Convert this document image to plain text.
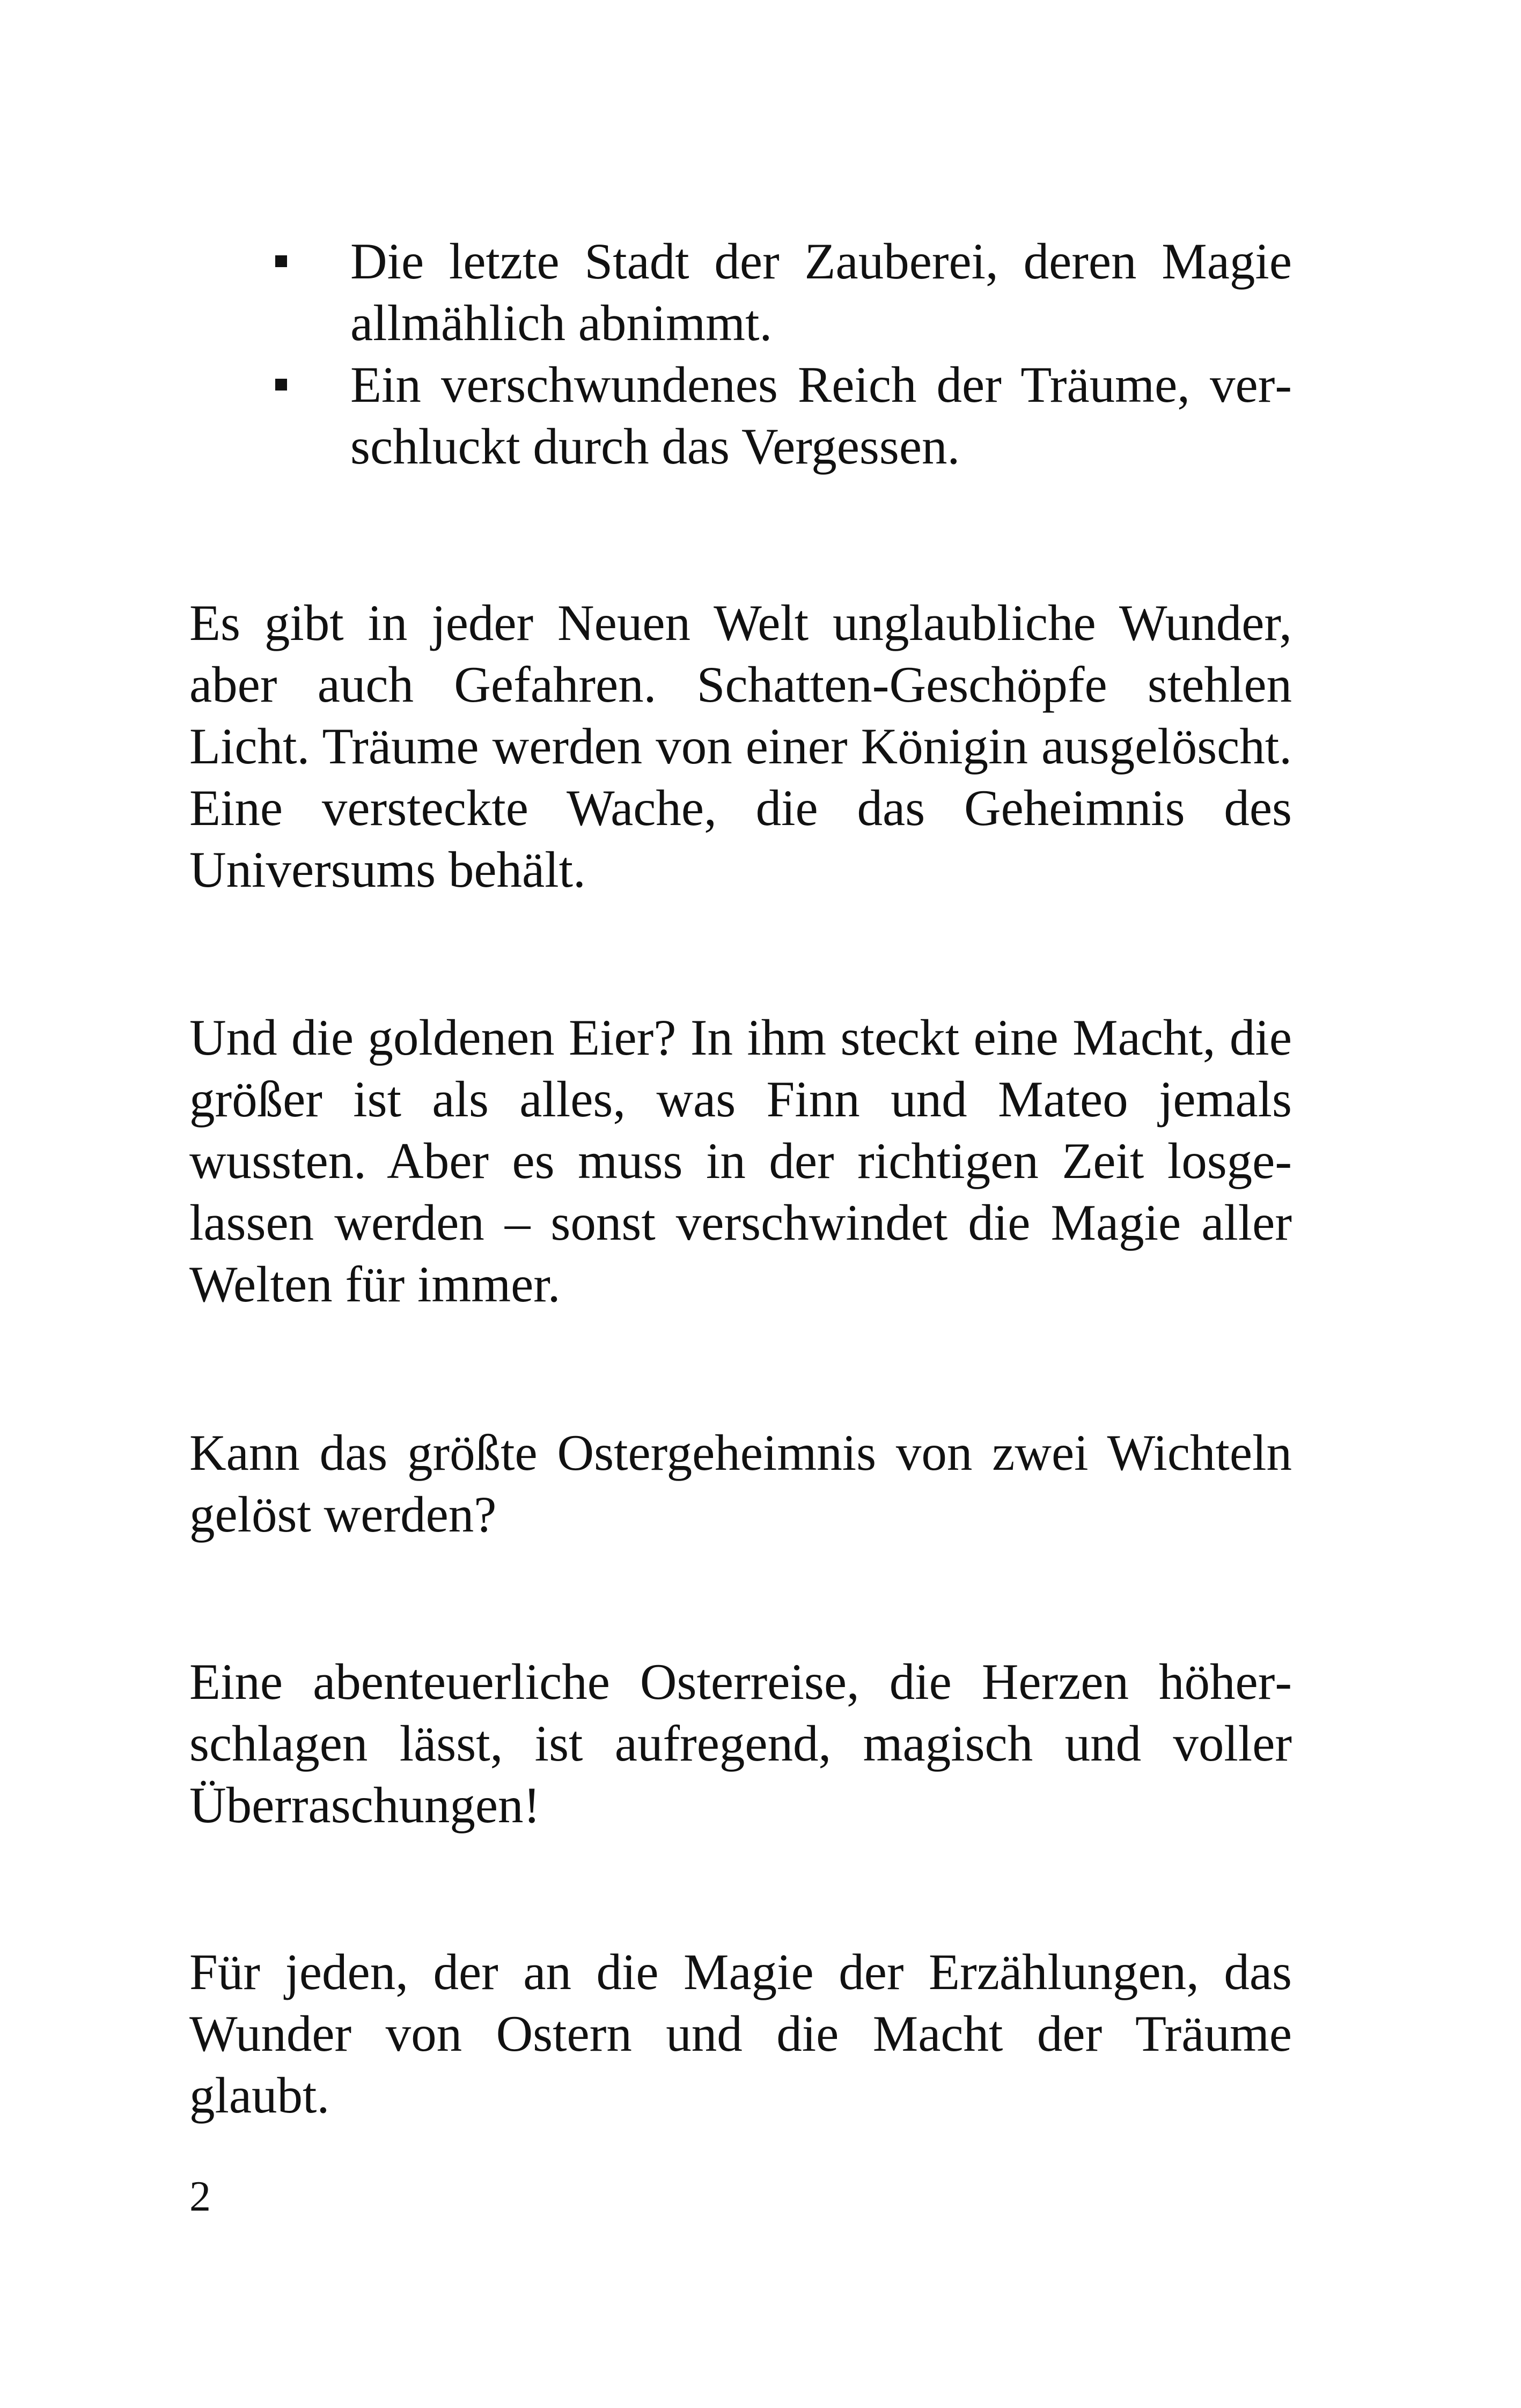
Die letzte Stadt der Zauberei, deren Magie allmählich abnimmt.
Ein verschwundenes Reich der Träume, verschluckt durch das Vergessen.

Es gibt in jeder Neuen Welt unglaubliche Wunder, aber auch Gefahren. Schatten-Geschöpfe stehlen Licht. Träume werden von einer Königin ausgelöscht. Eine versteckte Wache, die das Geheimnis des Universums behält.

Und die goldenen Eier? In ihm steckt eine Macht, die größer ist als alles, was Finn und Mateo jemals wussten. Aber es muss in der richtigen Zeit losgelassen werden – sonst verschwindet die Magie aller Welten für immer.

Kann das größte Ostergeheimnis von zwei Wichteln gelöst werden?

Eine abenteuerliche Osterreise, die Herzen höherschlagen lässt, ist aufregend, magisch und voller Überraschungen!

Für jeden, der an die Magie der Erzählungen, das Wunder von Ostern und die Macht der Träume glaubt.

2
